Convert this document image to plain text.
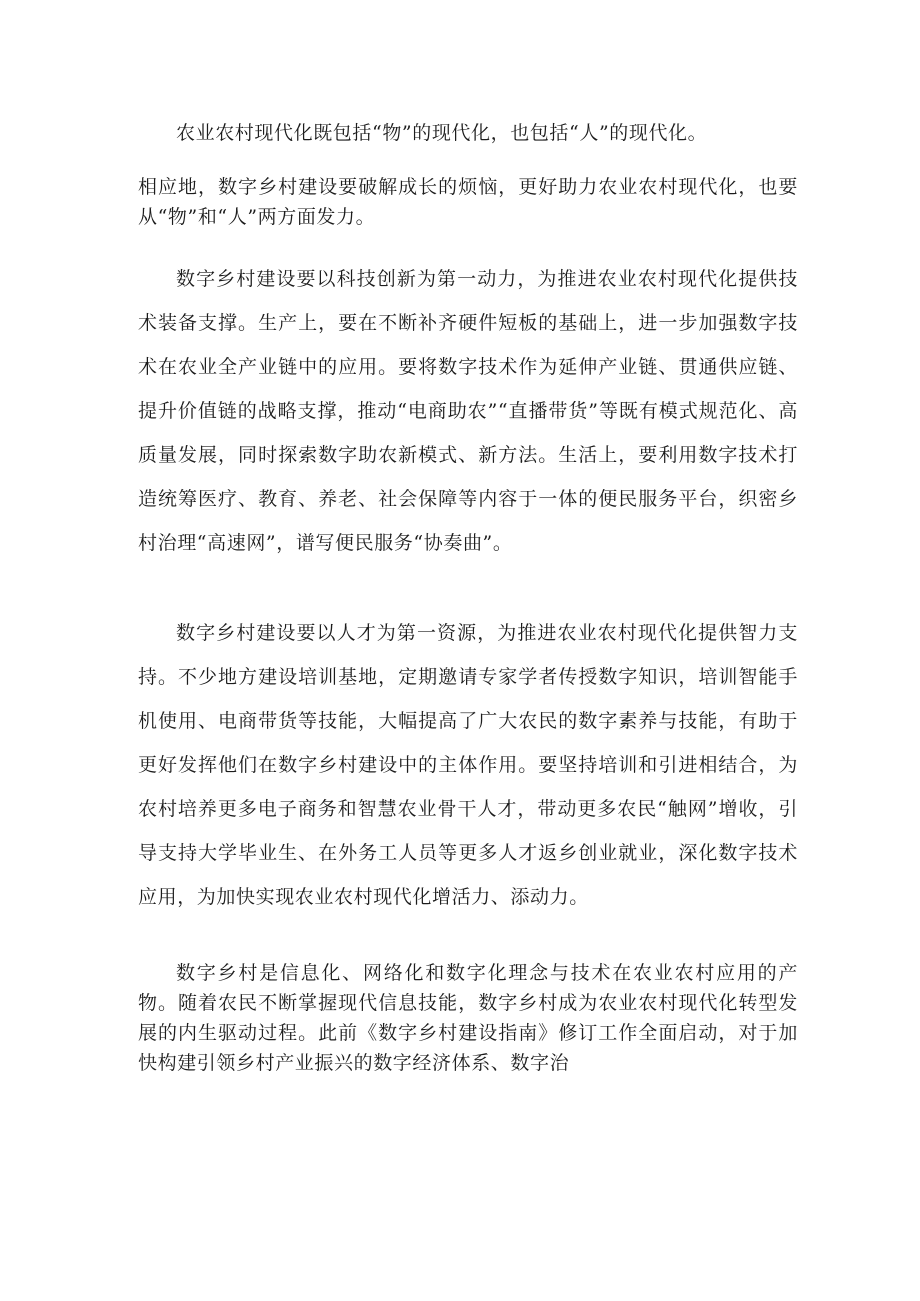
农业农村现代化既包括“物”的现代化，也包括“人”的现代化。

相应地，数字乡村建设要破解成长的烦恼，更好助力农业农村现代化，也要从“物”和“人”两方面发力。

数字乡村建设要以科技创新为第一动力，为推进农业农村现代化提供技术装备支撑。生产上，要在不断补齐硬件短板的基础上，进一步加强数字技术在农业全产业链中的应用。要将数字技术作为延伸产业链、贯通供应链、提升价值链的战略支撑，推动“电商助农”“直播带货”等既有模式规范化、高质量发展，同时探索数字助农新模式、新方法。生活上，要利用数字技术打造统筹医疗、教育、养老、社会保障等内容于一体的便民服务平台，织密乡村治理“高速网”，谱写便民服务“协奏曲”。

数字乡村建设要以人才为第一资源，为推进农业农村现代化提供智力支持。不少地方建设培训基地，定期邀请专家学者传授数字知识，培训智能手机使用、电商带货等技能，大幅提高了广大农民的数字素养与技能，有助于更好发挥他们在数字乡村建设中的主体作用。要坚持培训和引进相结合，为农村培养更多电子商务和智慧农业骨干人才，带动更多农民“触网”增收，引导支持大学毕业生、在外务工人员等更多人才返乡创业就业，深化数字技术应用，为加快实现农业农村现代化增活力、添动力。

数字乡村是信息化、网络化和数字化理念与技术在农业农村应用的产物。随着农民不断掌握现代信息技能，数字乡村成为农业农村现代化转型发展的内生驱动过程。此前《数字乡村建设指南》修订工作全面启动，对于加快构建引领乡村产业振兴的数字经济体系、数字治
